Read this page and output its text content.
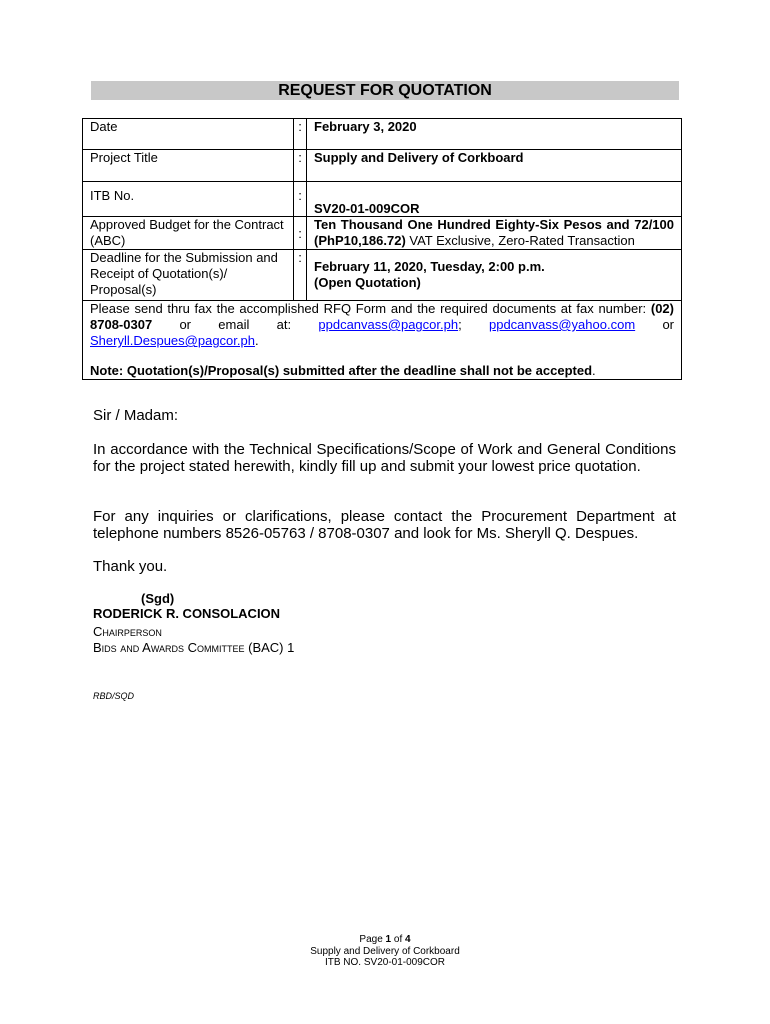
REQUEST FOR QUOTATION
Date	:	February 3, 2020
Project Title	:	Supply and Delivery of Corkboard
ITB No.	:	SV20-01-009COR
Approved Budget for the Contract (ABC)	:	Ten Thousand One Hundred Eighty-Six Pesos and 72/100 (PhP10,186.72) VAT Exclusive, Zero-Rated Transaction
Deadline for the Submission and Receipt of Quotation(s)/ Proposal(s)	:	February 11, 2020, Tuesday, 2:00 p.m.
(Open Quotation)

Please send thru fax the accomplished RFQ Form and the required documents at fax number: (02) 8708-0307 or email at: ppdcanvass@pagcor.ph; ppdcanvass@yahoo.com or Sheryll.Despues@pagcor.ph.
Note: Quotation(s)/Proposal(s) submitted after the deadline shall not be accepted.		
Sir / Madam:
In accordance with the Technical Specifications/Scope of Work and General Conditions for the project stated herewith, kindly fill up and submit your lowest price quotation.
For any inquiries or clarifications, please contact the Procurement Department at telephone numbers 8526-05763 / 8708-0307 and look for Ms. Sheryll Q. Despues.
Thank you.
(Sgd)
RODERICK R. CONSOLACION
Chairperson
Bids and Awards Committee (BAC) 1
RBD/SQD
Page 1 of 4
Supply and Delivery of Corkboard
ITB NO. SV20-01-009COR
